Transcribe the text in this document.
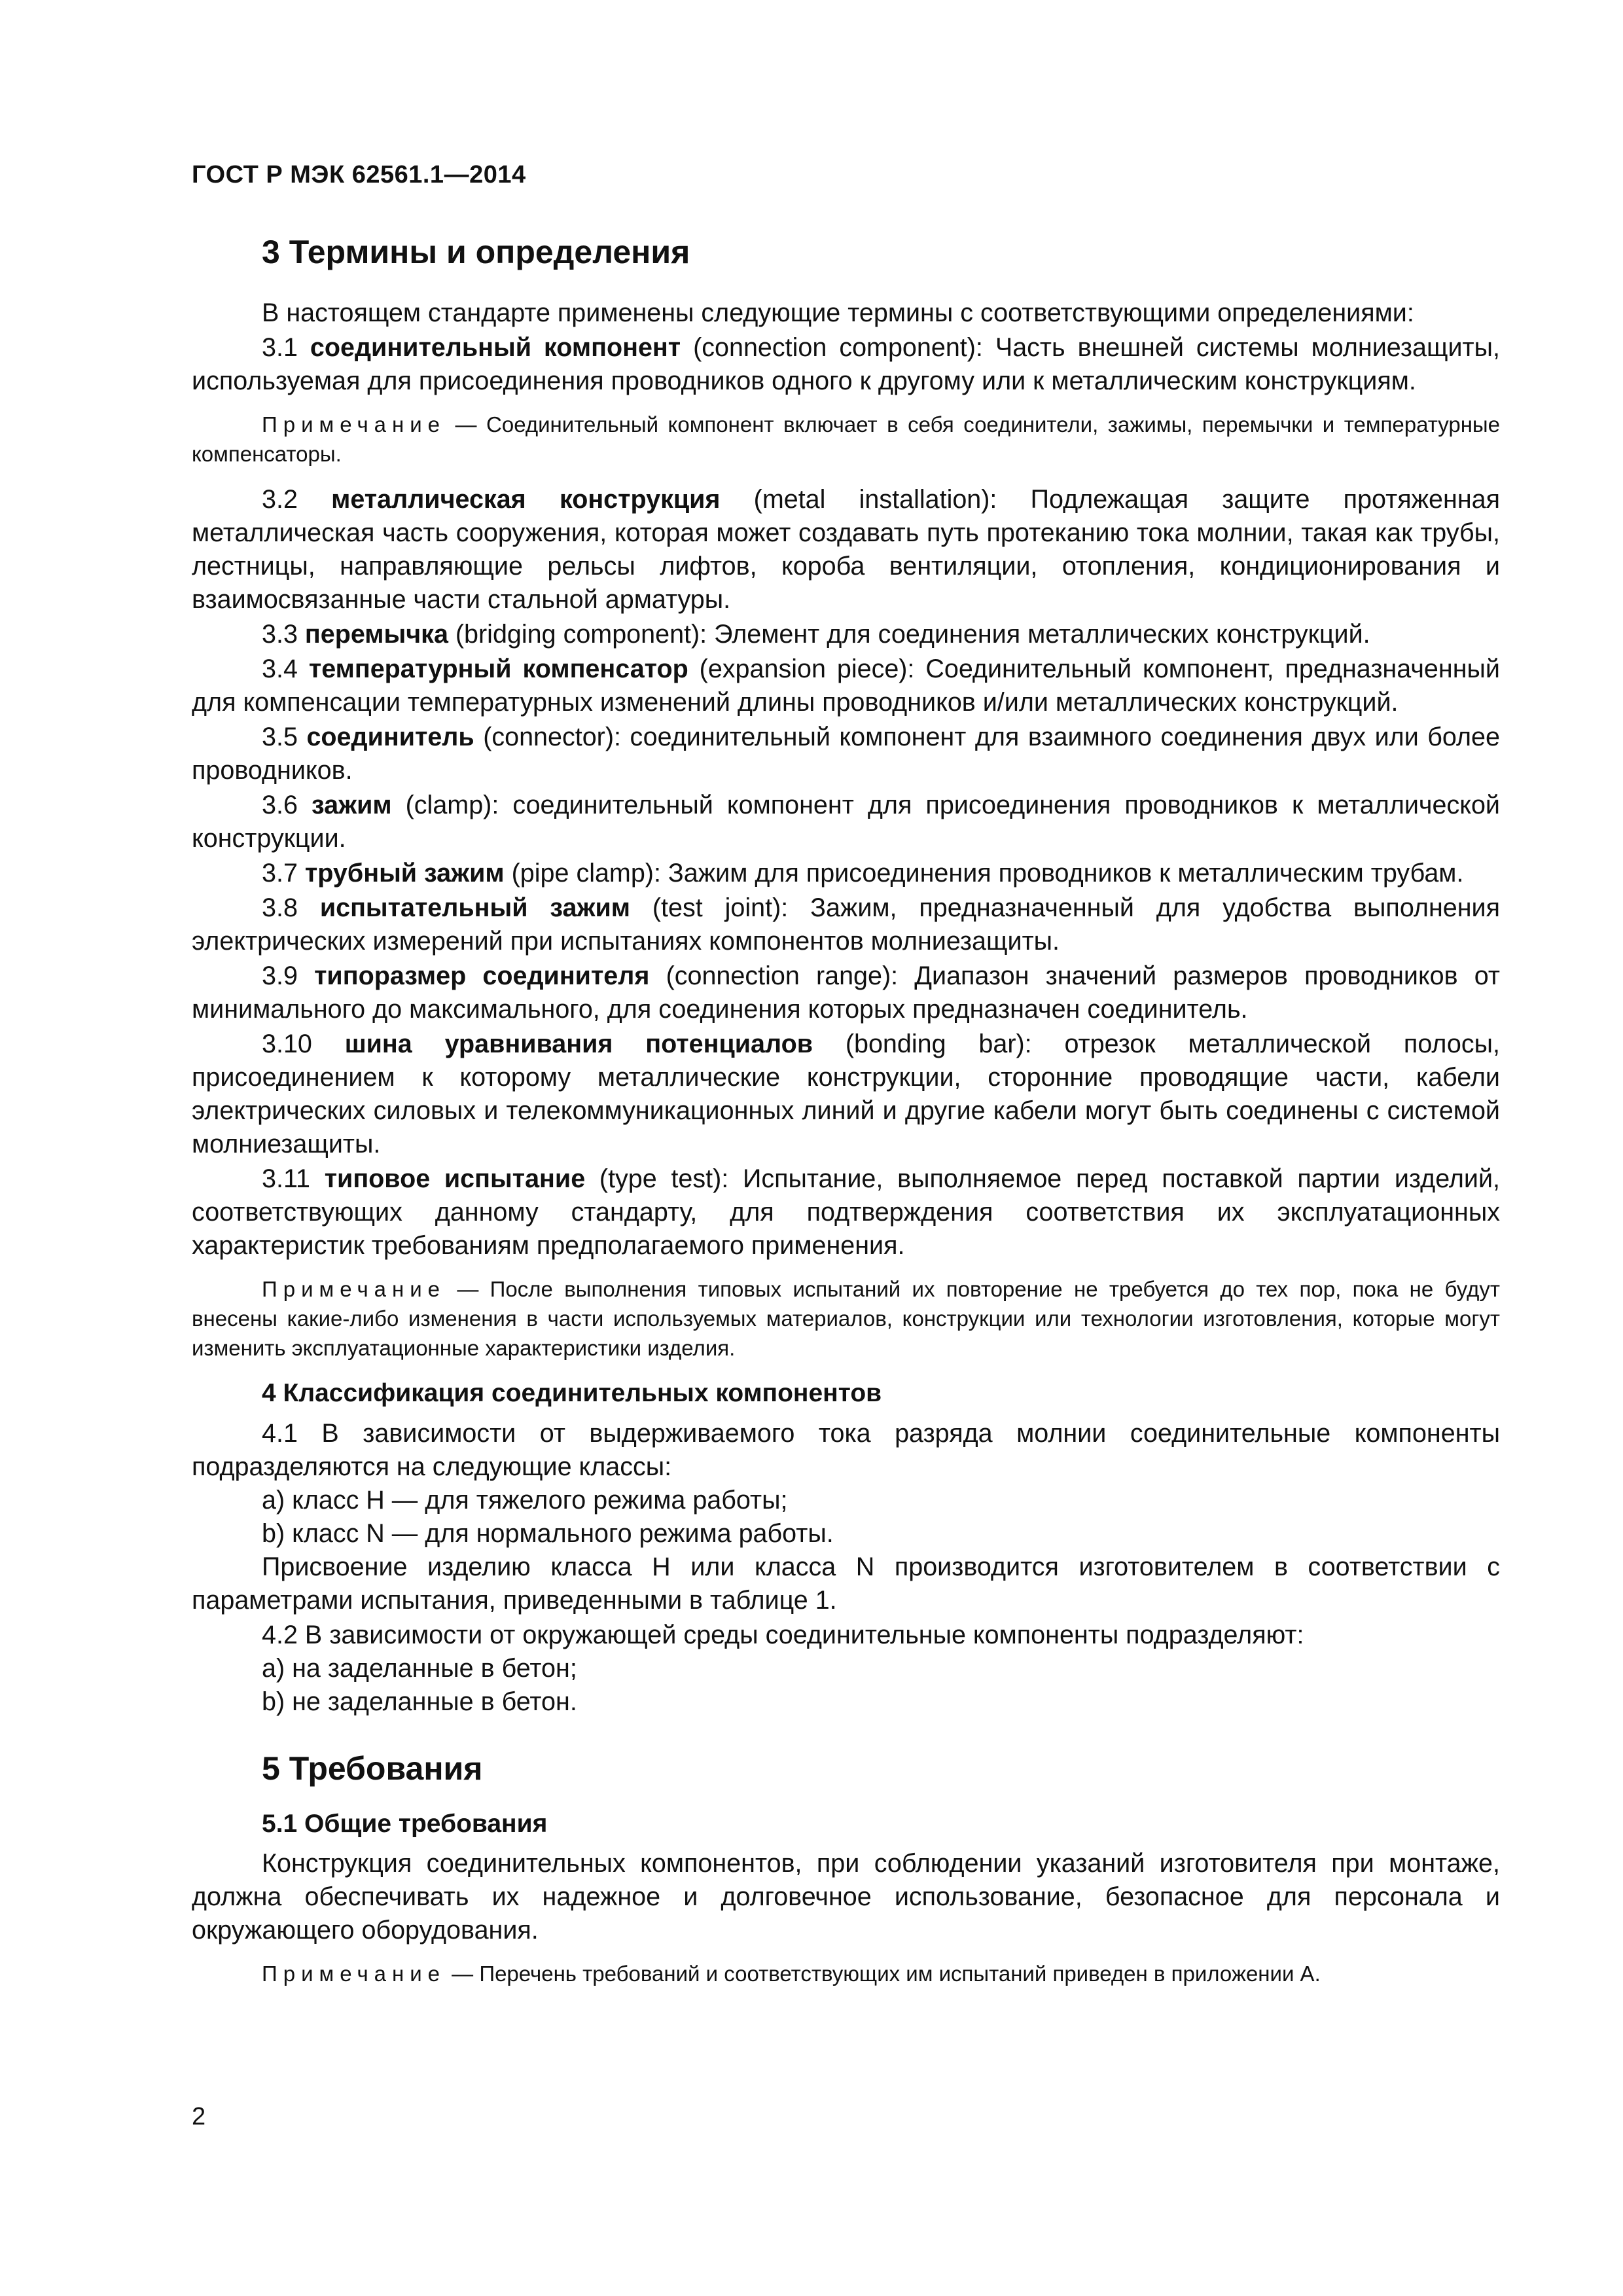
ГОСТ Р МЭК 62561.1—2014
3 Термины и определения

В настоящем стандарте применены следующие термины с соответствующими определениями:

3.1 соединительный компонент (connection component): Часть внешней системы молниезащиты, используемая для присоединения проводников одного к другому или к металлическим конструкциям.

Примечание — Соединительный компонент включает в себя соединители, зажимы, перемычки и температурные компенсаторы.

3.2 металлическая конструкция (metal installation): Подлежащая защите протяженная металлическая часть сооружения, которая может создавать путь протеканию тока молнии, такая как трубы, лестницы, направляющие рельсы лифтов, короба вентиляции, отопления, кондиционирования и взаимосвязанные части стальной арматуры.

3.3 перемычка (bridging component): Элемент для соединения металлических конструкций.

3.4 температурный компенсатор (expansion piece): Соединительный компонент, предназначенный для компенсации температурных изменений длины проводников и/или металлических конструкций.

3.5 соединитель (connector): соединительный компонент для взаимного соединения двух или более проводников.

3.6 зажим (clamp): соединительный компонент для присоединения проводников к металлической конструкции.

3.7 трубный зажим (pipe clamp): Зажим для присоединения проводников к металлическим трубам.

3.8 испытательный зажим (test joint): Зажим, предназначенный для удобства выполнения электрических измерений при испытаниях компонентов молниезащиты.

3.9 типоразмер соединителя (connection range): Диапазон значений размеров проводников от минимального до максимального, для соединения которых предназначен соединитель.

3.10 шина уравнивания потенциалов (bonding bar): отрезок металлической полосы, присоединением к которому металлические конструкции, сторонние проводящие части, кабели электрических силовых и телекоммуникационных линий и другие кабели могут быть соединены с системой молниезащиты.

3.11 типовое испытание (type test): Испытание, выполняемое перед поставкой партии изделий, соответствующих данному стандарту, для подтверждения соответствия их эксплуатационных характеристик требованиям предполагаемого применения.

Примечание — После выполнения типовых испытаний их повторение не требуется до тех пор, пока не будут внесены какие-либо изменения в части используемых материалов, конструкции или технологии изготовления, которые могут изменить эксплуатационные характеристики изделия.

4 Классификация соединительных компонентов

4.1 В зависимости от выдерживаемого тока разряда молнии соединительные компоненты подразделяются на следующие классы:

а) класс H — для тяжелого режима работы;

b) класс N — для нормального режима работы.

Присвоение изделию класса H или класса N производится изготовителем в соответствии с параметрами испытания, приведенными в таблице 1.

4.2 В зависимости от окружающей среды соединительные компоненты подразделяют:

а) на заделанные в бетон;

b) не заделанные в бетон.

5 Требования
5.1 Общие требования

Конструкция соединительных компонентов, при соблюдении указаний изготовителя при монтаже, должна обеспечивать их надежное и долговечное использование, безопасное для персонала и окружающего оборудования.

Примечание — Перечень требований и соответствующих им испытаний приведен в приложении А.

2
